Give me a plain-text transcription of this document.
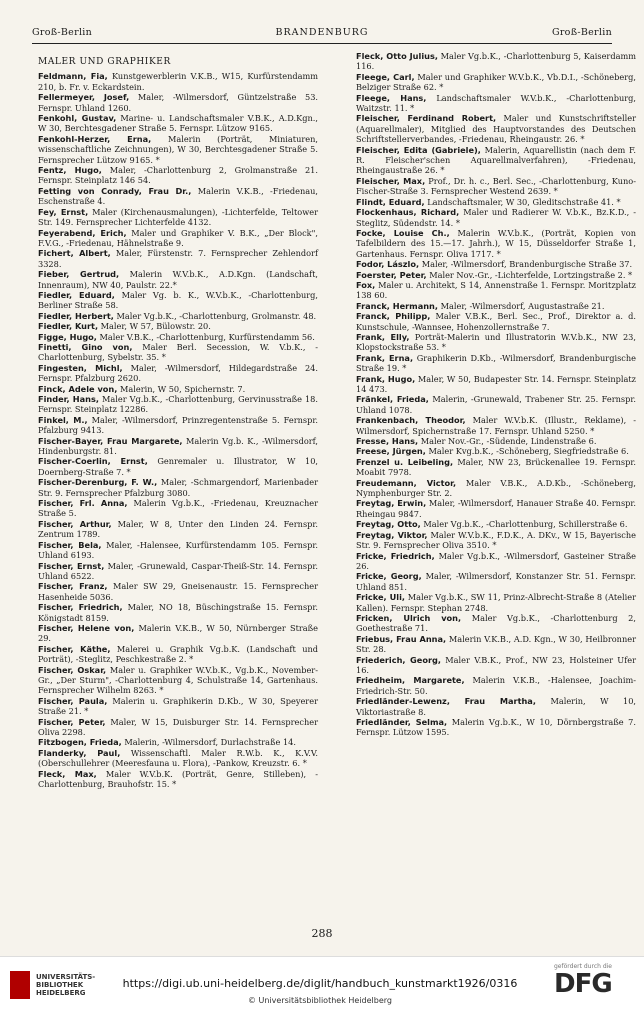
Groß-Berlin	BRANDENBURG	Groß-Berlin
MALER UND GRAPHIKER

Feldmann, Fia, Kunstgewerblerin V.K.B., W15, Kurfürstendamm 210, b. Fr. v. Eckardstein.

Fellermeyer, Josef, Maler, -Wilmersdorf, Güntzelstraße 53. Fernspr. Uhland 1260.

Fenkohl, Gustav, Marine- u. Landschaftsmaler V.B.K., A.D.Kgn., W 30, Berchtesgadener Straße 5. Fernspr. Lützow 9165.

Fenkohl-Herzer, Erna, Malerin (Porträt, Miniaturen, wissenschaftliche Zeichnungen), W 30, Berchtesgadener Straße 5. Fernsprecher Lützow 9165. *

Fentz, Hugo, Maler, -Charlottenburg 2, Grolmanstraße 21. Fernspr. Steinplatz 146 54.

Fetting von Conrady, Frau Dr., Malerin V.K.B., -Friedenau, Eschenstraße 4.

Fey, Ernst, Maler (Kirchenausmalungen), -Lichterfelde, Teltower Str. 149. Fernsprecher Lichterfelde 4132.

Feyerabend, Erich, Maler und Graphiker V. B.K., „Der Block", F.V.G., -Friedenau, Hähnelstraße 9.

Fichert, Albert, Maler, Fürstenstr. 7. Fernsprecher Zehlendorf 3328.

Fieber, Gertrud, Malerin W.V.b.K., A.D.Kgn. (Landschaft, Innenraum), NW 40, Paulstr. 22.*

Fiedler, Eduard, Maler Vg. b. K., W.V.b.K., -Charlottenburg, Berliner Straße 58.

Fiedler, Herbert, Maler Vg.b.K., -Charlottenburg, Grolmanstr. 48.

Fiedler, Kurt, Maler, W 57, Bülowstr. 20.

Figge, Hugo, Maler V.B.K., -Charlottenburg, Kurfürstendamm 56.

Finetti, Gino von, Maler Berl. Secession, W. V.b.K., -Charlottenburg, Sybelstr. 35. *

Fingesten, Michl, Maler, -Wilmersdorf, Hildegardstraße 24. Fernspr. Pfalzburg 2620.

Finck, Adele von, Malerin, W 50, Spichernstr. 7.

Finder, Hans, Maler Vg.b.K., -Charlottenburg, Gervinusstraße 18. Fernspr. Steinplatz 12286.

Finkel, M., Maler, -Wilmersdorf, Prinzregentenstraße 5. Fernspr. Pfalzburg 9413.

Fischer-Bayer, Frau Margarete, Malerin Vg.b. K., -Wilmersdorf, Hindenburgstr. 81.

Fischer-Coerlin, Ernst, Genremaler u. Illustrator, W 10, Doernberg-Straße 7. *

Fischer-Derenburg, F. W., Maler, -Schmargendorf, Marienbader Str. 9. Fernsprecher Pfalzburg 3080.

Fischer, Frl. Anna, Malerin Vg.b.K., -Friedenau, Kreuznacher Straße 5.

Fischer, Arthur, Maler, W 8, Unter den Linden 24. Fernspr. Zentrum 1789.

Fischer, Bela, Maler, -Halensee, Kurfürstendamm 105. Fernspr. Uhland 6193.

Fischer, Ernst, Maler, -Grunewald, Caspar-Theiß-Str. 14. Fernspr. Uhland 6522.

Fischer, Franz, Maler SW 29, Gneisenaustr. 15. Fernsprecher Hasenheide 5036.

Fischer, Friedrich, Maler, NO 18, Büschingstraße 15. Fernspr. Königstadt 8159.

Fischer, Helene von, Malerin V.K.B., W 50, Nürnberger Straße 29.

Fischer, Käthe, Malerei u. Graphik Vg.b.K. (Landschaft und Porträt), -Steglitz, Peschkestraße 2. *

Fischer, Oskar, Maler u. Graphiker W.V.b.K., Vg.b.K., November-Gr., „Der Sturm", -Charlottenburg 4, Schulstraße 14, Gartenhaus. Fernsprecher Wilhelm 8263. *

Fischer, Paula, Malerin u. Graphikerin D.Kb., W 30, Speyerer Straße 21. *

Fischer, Peter, Maler, W 15, Duisburger Str. 14. Fernsprecher Oliva 2298.

Fitzbogen, Frieda, Malerin, -Wilmersdorf, Durlachstraße 14.

Flanderky, Paul, Wissenschaftl. Maler R.W.b. K., K.V.V. (Oberschullehrer (Meeresfauna u. Flora), -Pankow, Kreuzstr. 6. *

Fleck, Max, Maler W.V.b.K. (Porträt, Genre, Stilleben), -Charlottenburg, Brauhofstr. 15. *

Fleck, Otto Julius, Maler Vg.b.K., -Charlottenburg 5, Kaiserdamm 116.

Fleege, Carl, Maler und Graphiker W.V.b.K., Vb.D.I., -Schöneberg, Belziger Straße 62. *

Fleege, Hans, Landschaftsmaler W.V.b.K., -Charlottenburg, Waitzstr. 11. *

Fleischer, Ferdinand Robert, Maler und Kunstschriftsteller (Aquarellmaler), Mitglied des Hauptvorstandes des Deutschen Schriftstellerverbandes, -Friedenau, Rheingaustr. 26. *

Fleischer, Edita (Gabriele), Malerin, Aquarellistin (nach dem F. R. Fleischer'schen Aquarellmalverfahren), -Friedenau, Rheingaustraße 26. *

Fleischer, Max, Prof., Dr. h. c., Berl. Sec., -Charlottenburg, Kuno-Fischer-Straße 3. Fernsprecher Westend 2639. *

Flindt, Eduard, Landschaftsmaler, W 30, Gleditschstraße 41. *

Flockenhaus, Richard, Maler und Radierer W. V.b.K., Bz.K.D., -Steglitz, Südendstr. 14. *

Focke, Louise Ch., Malerin W.V.b.K., (Porträt, Kopien von Tafelbildern des 15.—17. Jahrh.), W 15, Düsseldorfer Straße 1, Gartenhaus. Fernspr. Oliva 1717. *

Fodor, Lászlo, Maler, -Wilmersdorf, Brandenburgische Straße 37.

Foerster, Peter, Maler Nov.-Gr., -Lichterfelde, Lortzingstraße 2. *

Fox, Maler u. Architekt, S 14, Annenstraße 1. Fernspr. Moritzplatz 138 60.

Franck, Hermann, Maler, -Wilmersdorf, Augustastraße 21.

Franck, Philipp, Maler V.B.K., Berl. Sec., Prof., Direktor a. d. Kunstschule, -Wannsee, Hohenzollernstraße 7.

Frank, Elly, Porträt-Malerin und Illustratorin W.V.b.K., NW 23, Klopstockstraße 53. *

Frank, Erna, Graphikerin D.Kb., -Wilmersdorf, Brandenburgische Straße 19. *

Frank, Hugo, Maler, W 50, Budapester Str. 14. Fernspr. Steinplatz 14 473.

Fränkel, Frieda, Malerin, -Grunewald, Trabener Str. 25. Fernspr. Uhland 1078.

Frankenbach, Theodor, Maler W.V.b.K. (Illustr., Reklame), -Wilmersdorf, Spichernstraße 17. Fernspr. Uhland 5250. *

Fresse, Hans, Maler Nov.-Gr., -Südende, Lindenstraße 6.

Freese, Jürgen, Maler Kvg.b.K., -Schöneberg, Siegfriedstraße 6.

Frenzel u. Leibeling, Maler, NW 23, Brückenallee 19. Fernspr. Moabit 7978.

Freudemann, Victor, Maler V.B.K., A.D.Kb., -Schöneberg, Nymphenburger Str. 2.

Freytag, Erwin, Maler, -Wilmersdorf, Hanauer Straße 40. Fernspr. Rheingau 9847.

Freytag, Otto, Maler Vg.b.K., -Charlottenburg, Schillerstraße 6.

Freytag, Viktor, Maler W.V.b.K., F.D.K., A. DKv., W 15, Bayerische Str. 9. Fernsprecher Oliva 3510. *

Fricke, Friedrich, Maler Vg.b.K., -Wilmersdorf, Gasteiner Straße 26.

Fricke, Georg, Maler, -Wilmersdorf, Konstanzer Str. 51. Fernspr. Uhland 851.

Fricke, Uli, Maler Vg.b.K., SW 11, Prinz-Albrecht-Straße 8 (Atelier Kallen). Fernspr. Stephan 2748.

Fricken, Ulrich von, Maler Vg.b.K., -Charlottenburg 2, Goethestraße 71.

Friebus, Frau Anna, Malerin V.K.B., A.D. Kgn., W 30, Heilbronner Str. 28.

Friederich, Georg, Maler V.B.K., Prof., NW 23, Holsteiner Ufer 16.

Friedheim, Margarete, Malerin V.K.B., -Halensee, Joachim-Friedrich-Str. 50.

Friedländer-Lewenz, Frau Martha, Malerin, W 10, Viktoriastraße 8.

Friedländer, Selma, Malerin Vg.b.K., W 10, Dörnbergstraße 7. Fernspr. Lützow 1595.

288
UNIVERSITÄTS-BIBLIOTHEK HEIDELBERG
https://digi.ub.uni-heidelberg.de/diglit/handbuch_kunstmarkt1926/0316
© Universitätsbibliothek Heidelberg
gefördert durch die
DFG
